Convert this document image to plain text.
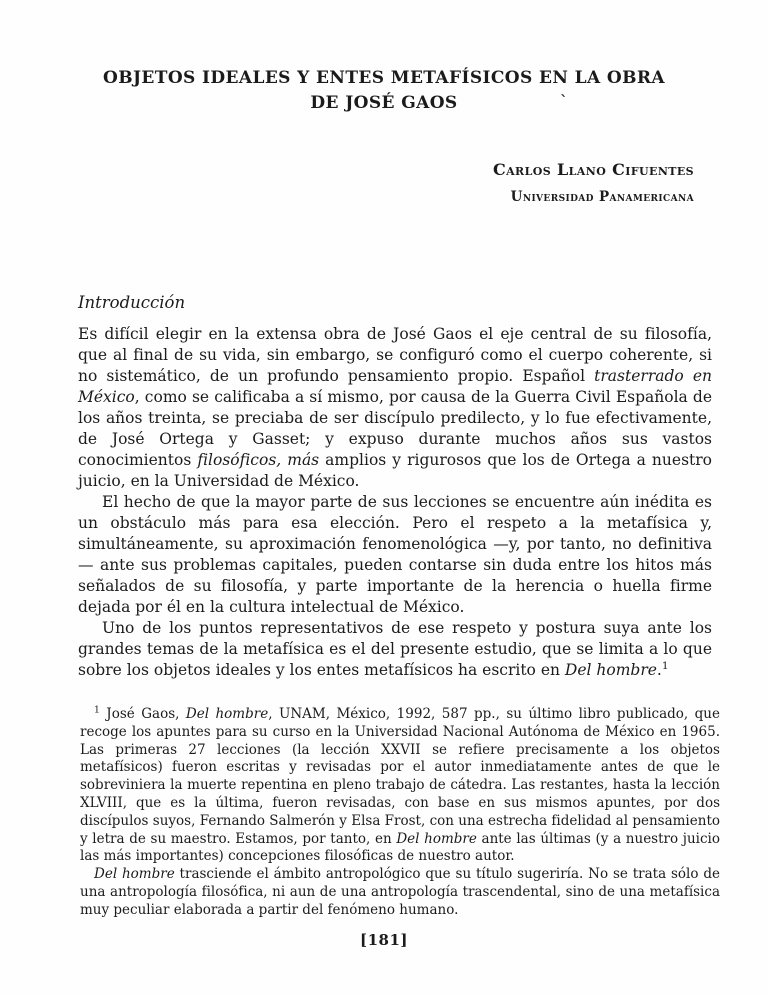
OBJETOS IDEALES Y ENTES METAFÍSICOS EN LA OBRA
DE JOSÉ GAOS	ˋ
Carlos Llano Cifuentes
Universidad Panamericana
Introducción

Es difícil elegir en la extensa obra de José Gaos el eje central de su filosofía, que al final de su vida, sin embargo, se configuró como el cuerpo coherente, si no sistemático, de un profundo pensamiento propio. Español trasterrado en México, como se calificaba a sí mismo, por causa de la Guerra Civil Española de los años treinta, se preciaba de ser discípulo predilecto, y lo fue efectivamente, de José Ortega y Gasset; y expuso durante muchos años sus vastos conocimientos filosóficos, más amplios y rigurosos que los de Ortega a nuestro juicio, en la Universidad de México.

El hecho de que la mayor parte de sus lecciones se encuentre aún inédita es un obstáculo más para esa elección. Pero el respeto a la metafísica y, simultáneamente, su aproximación fenomenológica —y, por tanto, no definitiva— ante sus problemas capitales, pueden contarse sin duda entre los hitos más señalados de su filosofía, y parte importante de la herencia o huella firme dejada por él en la cultura intelectual de México.

Uno de los puntos representativos de ese respeto y postura suya ante los grandes temas de la metafísica es el del presente estudio, que se limita a lo que sobre los objetos ideales y los entes metafísicos ha escrito en Del hombre.$^1$

$^1$ José Gaos, Del hombre, UNAM, México, 1992, 587 pp., su último libro publicado, que recoge los apuntes para su curso en la Universidad Nacional Autónoma de México en 1965. Las primeras 27 lecciones (la lección XXVII se refiere precisamente a los objetos metafísicos) fueron escritas y revisadas por el autor inmediatamente antes de que le sobreviniera la muerte repentina en pleno trabajo de cátedra. Las restantes, hasta la lección XLVIII, que es la última, fueron revisadas, con base en sus mismos apuntes, por dos discípulos suyos, Fernando Salmerón y Elsa Frost, con una estrecha fidelidad al pensamiento y letra de su maestro. Estamos, por tanto, en Del hombre ante las últimas (y a nuestro juicio las más importantes) concepciones filosóficas de nuestro autor.

Del hombre trasciende el ámbito antropológico que su título sugeriría. No se trata sólo de una antropología filosófica, ni aun de una antropología trascendental, sino de una metafísica muy peculiar elaborada a partir del fenómeno humano.

[181]
